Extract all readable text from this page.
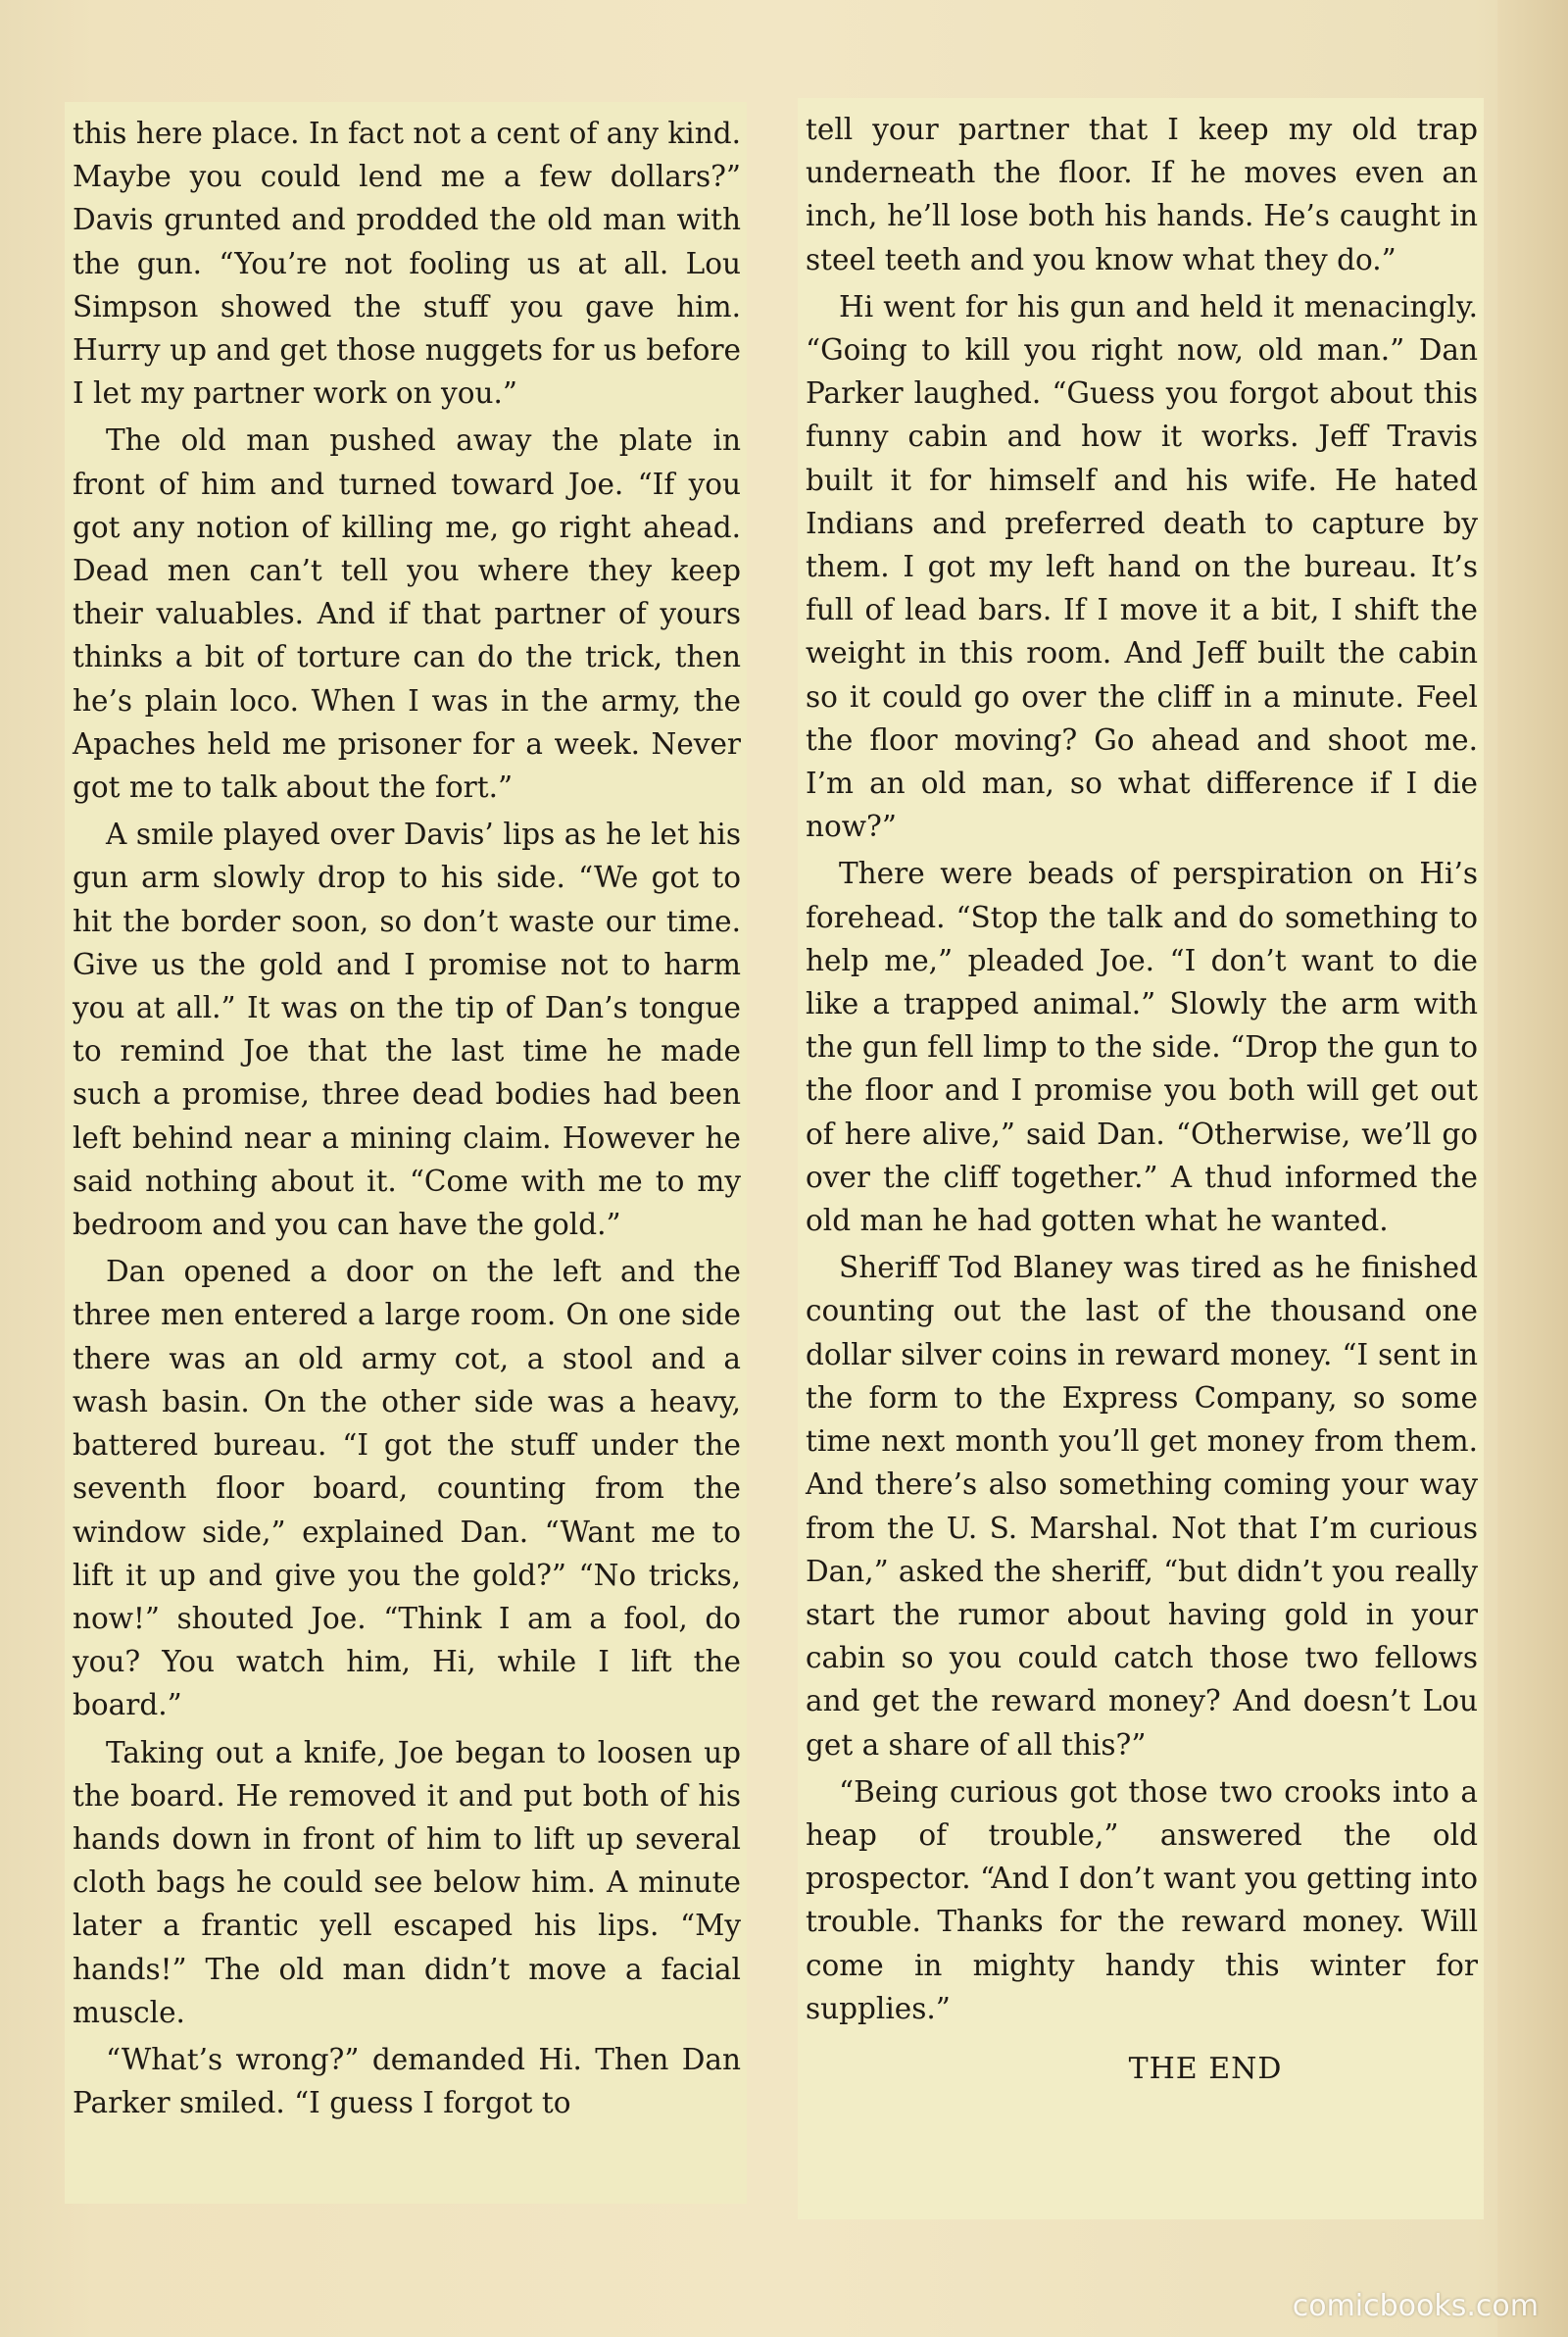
this here place. In fact not a cent of any kind. Maybe you could lend me a few dollars?” Davis grunted and prodded the old man with the gun. “You’re not fooling us at all. Lou Simpson showed the stuff you gave him. Hurry up and get those nuggets for us before I let my partner work on you.”

The old man pushed away the plate in front of him and turned toward Joe. “If you got any notion of killing me, go right ahead. Dead men can’t tell you where they keep their valuables. And if that partner of yours thinks a bit of torture can do the trick, then he’s plain loco. When I was in the army, the Apaches held me prisoner for a week. Never got me to talk about the fort.”

A smile played over Davis’ lips as he let his gun arm slowly drop to his side. “We got to hit the border soon, so don’t waste our time. Give us the gold and I promise not to harm you at all.” It was on the tip of Dan’s tongue to remind Joe that the last time he made such a promise, three dead bodies had been left behind near a mining claim. However he said nothing about it. “Come with me to my bedroom and you can have the gold.”

Dan opened a door on the left and the three men entered a large room. On one side there was an old army cot, a stool and a wash basin. On the other side was a heavy, battered bureau. “I got the stuff under the seventh floor board, counting from the window side,” explained Dan. “Want me to lift it up and give you the gold?” “No tricks, now!” shouted Joe. “Think I am a fool, do you? You watch him, Hi, while I lift the board.”

Taking out a knife, Joe began to loosen up the board. He removed it and put both of his hands down in front of him to lift up several cloth bags he could see below him. A minute later a frantic yell escaped his lips. “My hands!” The old man didn’t move a facial muscle.

“What’s wrong?” demanded Hi. Then Dan Parker smiled. “I guess I forgot to

tell your partner that I keep my old trap underneath the floor. If he moves even an inch, he’ll lose both his hands. He’s caught in steel teeth and you know what they do.”

Hi went for his gun and held it menacingly. “Going to kill you right now, old man.” Dan Parker laughed. “Guess you forgot about this funny cabin and how it works. Jeff Travis built it for himself and his wife. He hated Indians and preferred death to capture by them. I got my left hand on the bureau. It’s full of lead bars. If I move it a bit, I shift the weight in this room. And Jeff built the cabin so it could go over the cliff in a minute. Feel the floor moving? Go ahead and shoot me. I’m an old man, so what difference if I die now?”

There were beads of perspiration on Hi’s forehead. “Stop the talk and do something to help me,” pleaded Joe. “I don’t want to die like a trapped animal.” Slowly the arm with the gun fell limp to the side. “Drop the gun to the floor and I promise you both will get out of here alive,” said Dan. “Otherwise, we’ll go over the cliff together.” A thud informed the old man he had gotten what he wanted.

Sheriff Tod Blaney was tired as he finished counting out the last of the thousand one dollar silver coins in reward money. “I sent in the form to the Express Company, so some time next month you’ll get money from them. And there’s also something coming your way from the U. S. Marshal. Not that I’m curious Dan,” asked the sheriff, “but didn’t you really start the rumor about having gold in your cabin so you could catch those two fellows and get the reward money? And doesn’t Lou get a share of all this?”

“Being curious got those two crooks into a heap of trouble,” answered the old prospector. “And I don’t want you getting into trouble. Thanks for the reward money. Will come in mighty handy this winter for supplies.”

THE END
comicbooks.com
